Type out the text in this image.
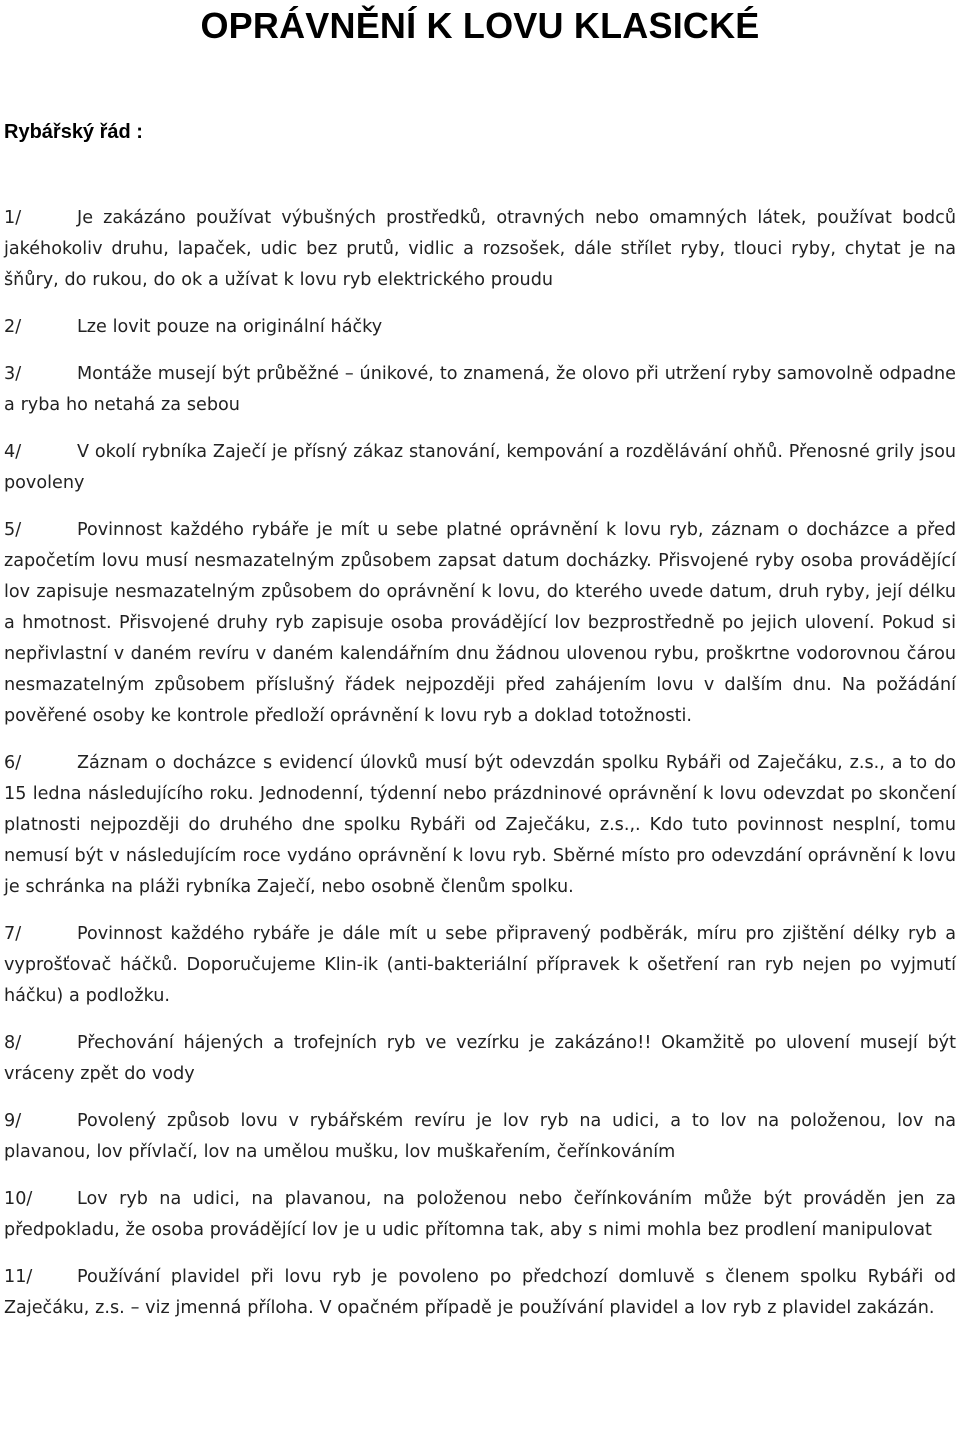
OPRÁVNĚNÍ K LOVU KLASICKÉ
Rybářský řád :

1/	Je zakázáno používat výbušných prostředků, otravných nebo omamných látek, používat bodců jakéhokoliv druhu, lapaček, udic bez prutů, vidlic a rozsošek, dále střílet ryby, tlouci ryby, chytat je na šňůry, do rukou, do ok a užívat k lovu ryb elektrického proudu

2/	Lze lovit pouze na originální háčky

3/	Montáže musejí být průběžné – únikové, to znamená, že olovo při utržení ryby samovolně odpadne a ryba ho netahá za sebou

4/	V okolí rybníka Zaječí je přísný zákaz stanování, kempování a rozdělávání ohňů. Přenosné grily jsou povoleny

5/	Povinnost každého rybáře je mít u sebe platné oprávnění k lovu ryb, záznam o docházce a před započetím lovu musí nesmazatelným způsobem zapsat datum docházky. Přisvojené ryby osoba provádějící lov zapisuje nesmazatelným způsobem do oprávnění k lovu, do kterého uvede datum, druh ryby, její délku a hmotnost. Přisvojené druhy ryb zapisuje osoba provádějící lov bezprostředně po jejich ulovení. Pokud si nepřivlastní v daném revíru v daném kalendářním dnu žádnou ulovenou rybu, proškrtne vodorovnou čárou nesmazatelným způsobem příslušný řádek nejpozději před zahájením lovu v dalším dnu. Na požádání pověřené osoby ke kontrole předloží oprávnění k lovu ryb a doklad totožnosti.

6/	Záznam o docházce s evidencí úlovků musí být odevzdán spolku Rybáři od Zaječáku, z.s., a to do 15 ledna následujícího roku. Jednodenní, týdenní nebo prázdninové oprávnění k lovu odevzdat po skončení platnosti nejpozději do druhého dne spolku Rybáři od Zaječáku, z.s.,. Kdo tuto povinnost nesplní, tomu nemusí být v následujícím roce vydáno oprávnění k lovu ryb. Sběrné místo pro odevzdání oprávnění k lovu je schránka na pláži rybníka Zaječí, nebo osobně členům spolku.

7/	Povinnost každého rybáře je dále mít u sebe připravený podběrák, míru pro zjištění délky ryb a vyprošťovač háčků. Doporučujeme Klin-ik (anti-bakteriální přípravek k ošetření ran ryb nejen po vyjmutí háčku) a podložku.

8/	Přechování hájených a trofejních ryb ve vezírku je zakázáno!! Okamžitě po ulovení musejí být vráceny zpět do vody

9/	Povolený způsob lovu v rybářském revíru je lov ryb na udici, a to lov na položenou, lov na plavanou, lov přívlačí, lov na umělou mušku, lov muškařením, čeřínkováním

10/	Lov ryb na udici, na plavanou, na položenou nebo čeřínkováním může být prováděn jen za předpokladu, že osoba provádějící lov je u udic přítomna tak, aby s nimi mohla bez prodlení manipulovat

11/	Používání plavidel při lovu ryb je povoleno po předchozí domluvě s členem spolku Rybáři od Zaječáku, z.s. – viz jmenná příloha. V opačném případě je používání plavidel a lov ryb z plavidel zakázán.
